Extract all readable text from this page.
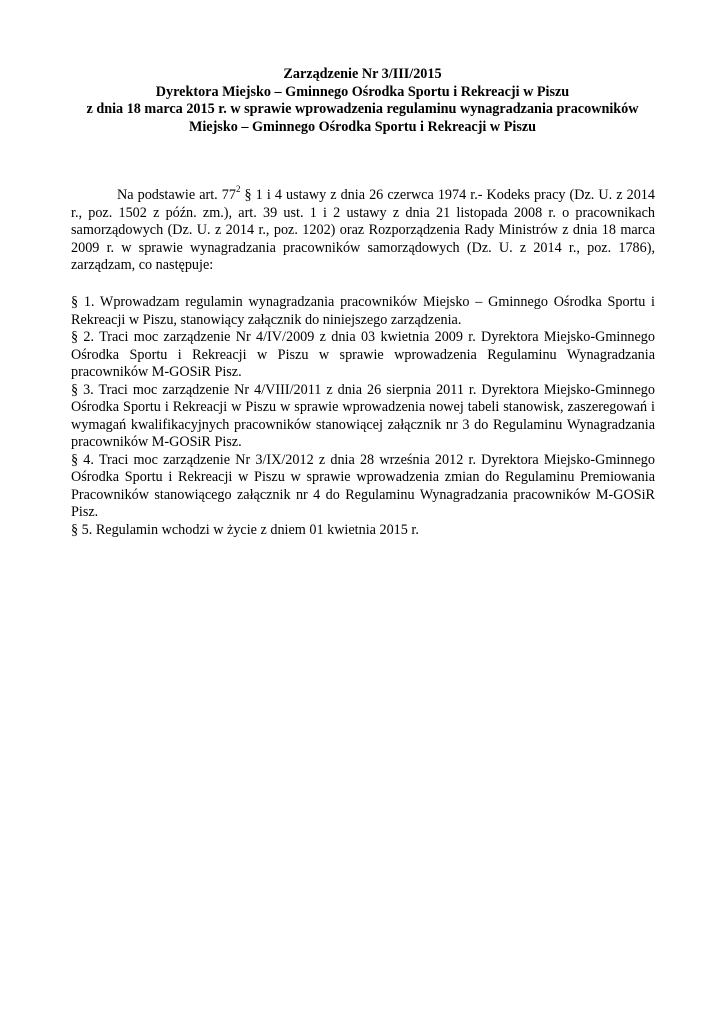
Zarządzenie Nr 3/III/2015
Dyrektora Miejsko – Gminnego Ośrodka Sportu i Rekreacji w Piszu
z dnia 18 marca 2015 r. w sprawie wprowadzenia regulaminu wynagradzania pracowników
Miejsko – Gminnego Ośrodka Sportu i Rekreacji w Piszu
Na podstawie art. $77^2$ § 1 i 4 ustawy z dnia 26 czerwca 1974 r.- Kodeks pracy (Dz. U. z 2014 r., poz. 1502 z późn. zm.), art. 39 ust. 1 i 2 ustawy z dnia 21 listopada 2008 r. o pracownikach samorządowych (Dz. U. z 2014 r., poz. 1202) oraz Rozporządzenia Rady Ministrów z dnia 18 marca 2009 r. w sprawie wynagradzania pracowników samorządowych (Dz. U. z 2014 r., poz. 1786), zarządzam, co następuje:

§ 1. Wprowadzam regulamin wynagradzania pracowników Miejsko – Gminnego Ośrodka Sportu i Rekreacji w Piszu, stanowiący załącznik do niniejszego zarządzenia.

§ 2. Traci moc zarządzenie Nr 4/IV/2009 z dnia 03 kwietnia 2009 r. Dyrektora Miejsko-Gminnego Ośrodka Sportu i Rekreacji w Piszu w sprawie wprowadzenia Regulaminu Wynagradzania pracowników M-GOSiR Pisz.

§ 3. Traci moc zarządzenie Nr 4/VIII/2011 z dnia 26 sierpnia 2011 r. Dyrektora Miejsko-Gminnego Ośrodka Sportu i Rekreacji w Piszu w sprawie wprowadzenia nowej tabeli stanowisk, zaszeregowań i wymagań kwalifikacyjnych pracowników stanowiącej załącznik nr 3 do Regulaminu Wynagradzania pracowników M-GOSiR Pisz.

§ 4. Traci moc zarządzenie Nr 3/IX/2012 z dnia 28 września 2012 r. Dyrektora Miejsko-Gminnego Ośrodka Sportu i Rekreacji w Piszu w sprawie wprowadzenia zmian do Regulaminu Premiowania Pracowników stanowiącego załącznik nr 4 do Regulaminu Wynagradzania pracowników M-GOSiR Pisz.

§ 5. Regulamin wchodzi w życie z dniem 01 kwietnia 2015 r.
